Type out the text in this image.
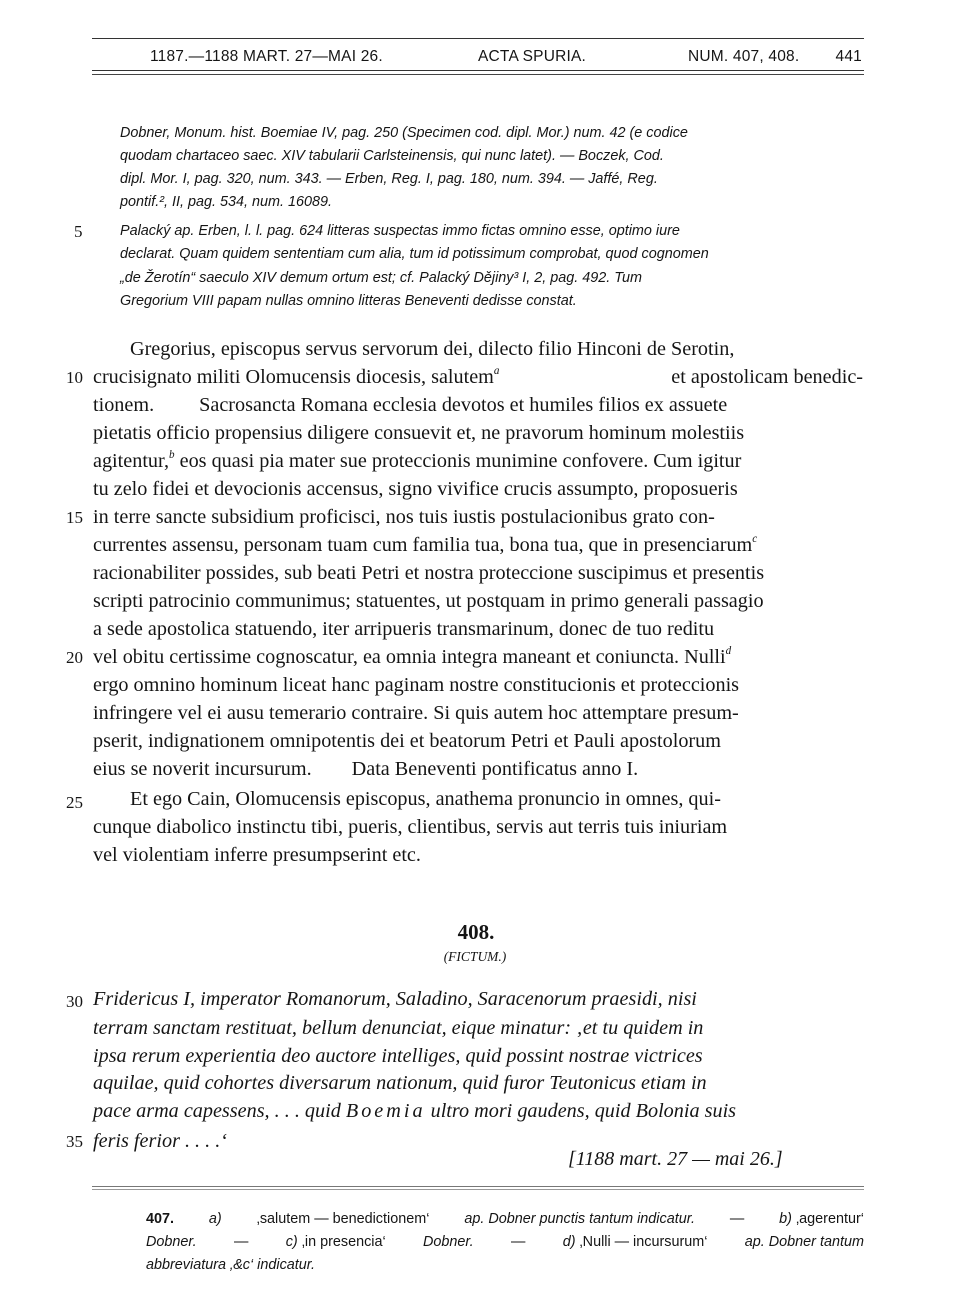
1187.—1188 MART. 27—MAI 26.	ACTA SPURIA.	NUM. 407, 408. 441
Dobner, Monum. hist. Boemiae IV, pag. 250 (Specimen cod. dipl. Mor.) num. 42 (e codice
quodam chartaceo saec. XIV tabularii Carlsteinensis, qui nunc latet). — Boczek, Cod.
dipl. Mor. I, pag. 320, num. 343. — Erben, Reg. I, pag. 180, num. 394. — Jaffé, Reg.
pontif.², II, pag. 534, num. 16089.
5	Palacký ap. Erben, l. l. pag. 624 litteras suspectas immo fictas omnino esse, optimo iure
declarat. Quam quidem sententiam cum alia, tum id potissimum comprobat, quod cognomen
„de Žerotín“ saeculo XIV demum ortum est; cf. Palacký Dějiny³ I, 2, pag. 492. Tum
Gregorium VIII papam nullas omnino litteras Beneventi dedisse constat.
Gregorius, episcopus servus servorum dei, dilecto filio Hinconi de Serotin,
10 crucisignato militi Olomucensis diocesis, salutem$^a$	et apostolicam benedic-
tionem. Sacrosancta Romana ecclesia devotos et humiles filios ex assuete
pietatis officio propensius diligere consuevit et, ne pravorum hominum molestiis
agitentur,$^b$ eos quasi pia mater sue proteccionis munimine confovere. Cum igitur
tu zelo fidei et devocionis accensus, signo vivifice crucis assumpto, proposueris
15 in terre sancte subsidium proficisci, nos tuis iustis postulacionibus grato con-
currentes assensu, personam tuam cum familia tua, bona tua, que in presenciarum$^c$
racionabiliter possides, sub beati Petri et nostra proteccione suscipimus et presentis
scripti patrocinio communimus; statuentes, ut postquam in primo generali passagio
a sede apostolica statuendo, iter arripueris transmarinum, donec de tuo reditu
20 vel obitu certissime cognoscatur, ea omnia integra maneant et coniuncta. Nulli$^d$
ergo omnino hominum liceat hanc paginam nostre constitucionis et proteccionis
infringere vel ei ausu temerario contraire. Si quis autem hoc attemptare presum-
pserit, indignationem omnipotentis dei et beatorum Petri et Pauli apostolorum
eius se noverit incursurum. Data Beneventi pontificatus anno I.
25	Et ego Cain, Olomucensis episcopus, anathema pronuncio in omnes, qui-
cunque diabolico instinctu tibi, pueris, clientibus, servis aut terris tuis iniuriam
vel violentiam inferre presumpserint etc.
408.
(FICTUM.)
30 Fridericus I, imperator Romanorum, Saladino, Saracenorum praesidi, nisi
terram sanctam restituat, bellum denunciat, eique minatur: ‚et tu quidem in
ipsa rerum experientia deo auctore intelliges, quid possint nostrae victrices
aquilae, quid cohortes diversarum nationum, quid furor Teutonicus etiam in
pace arma capessens, . . . quid Boemia ultro mori gaudens, quid Bolonia suis
35 feris ferior . . . .‘
[1188 mart. 27 — mai 26.]
407. a) ‚salutem — benedictionem‘ ap. Dobner punctis tantum indicatur. — b) ‚agerentur‘
Dobner.	—	c) ‚in presencia‘	Dobner.	—	d) ‚Nulli — incursurum‘	ap. Dobner tantum
abbreviatura ‚&c‘ indicatur.
